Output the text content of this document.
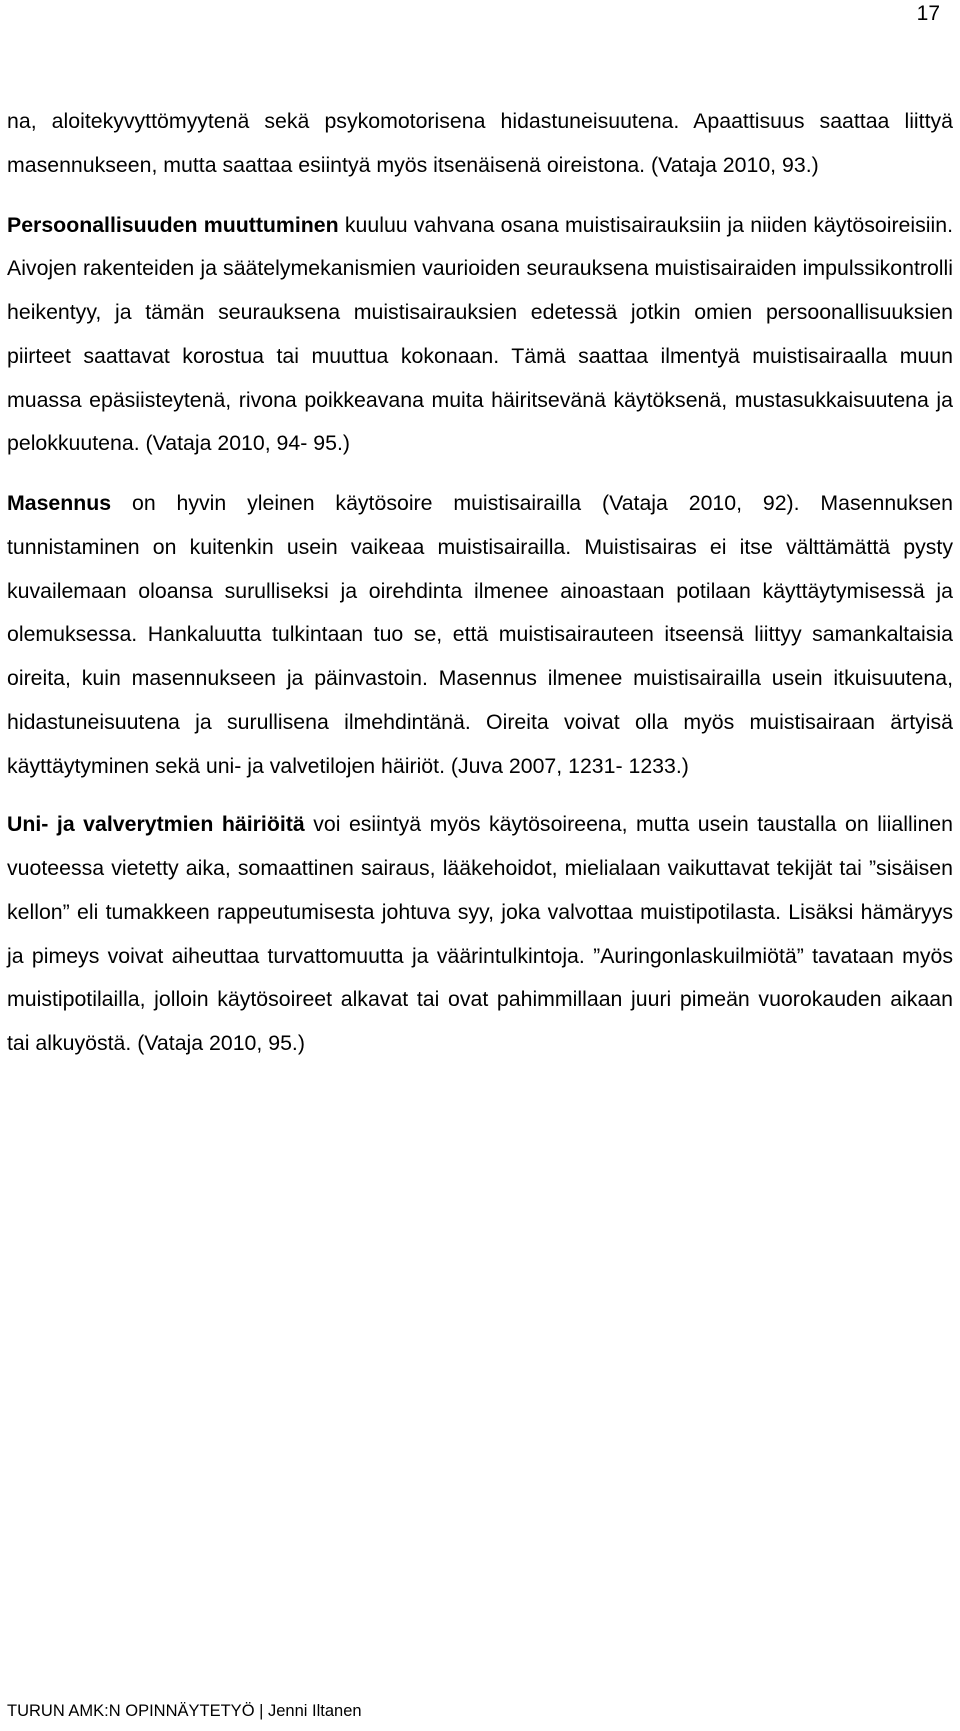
17

na, aloitekyvyttömyytenä sekä psykomotorisena hidastuneisuutena. Apaattisuus saattaa liittyä masennukseen, mutta saattaa esiintyä myös itsenäisenä oireistona. (Vataja 2010, 93.)

Persoonallisuuden muuttuminen kuuluu vahvana osana muistisairauksiin ja niiden käytösoireisiin. Aivojen rakenteiden ja säätelymekanismien vaurioiden seurauksena muistisairaiden impulssikontrolli heikentyy, ja tämän seurauksena muistisairauksien edetessä jotkin omien persoonallisuuksien piirteet saattavat korostua tai muuttua kokonaan. Tämä saattaa ilmentyä muistisairaalla muun muassa epäsiisteytenä, rivona poikkeavana muita häiritsevänä käytöksenä, mustasukkaisuutena ja pelokkuutena. (Vataja 2010, 94- 95.)

Masennus on hyvin yleinen käytösoire muistisairailla (Vataja 2010, 92). Masennuksen tunnistaminen on kuitenkin usein vaikeaa muistisairailla. Muistisairas ei itse välttämättä pysty kuvailemaan oloansa surulliseksi ja oirehdinta ilmenee ainoastaan potilaan käyttäytymisessä ja olemuksessa. Hankaluutta tulkintaan tuo se, että muistisairauteen itseensä liittyy samankaltaisia oireita, kuin masennukseen ja päinvastoin. Masennus ilmenee muistisairailla usein itkuisuutena, hidastuneisuutena ja surullisena ilmehdintänä. Oireita voivat olla myös muistisairaan ärtyisä käyttäytyminen sekä uni- ja valvetilojen häiriöt. (Juva 2007, 1231- 1233.)

Uni- ja valverytmien häiriöitä voi esiintyä myös käytösoireena, mutta usein taustalla on liiallinen vuoteessa vietetty aika, somaattinen sairaus, lääkehoidot, mielialaan vaikuttavat tekijät tai ”sisäisen kellon” eli tumakkeen rappeutumisesta johtuva syy, joka valvottaa muistipotilasta. Lisäksi hämäryys ja pimeys voivat aiheuttaa turvattomuutta ja väärintulkintoja. ”Auringonlaskuilmiötä” tavataan myös muistipotilailla, jolloin käytösoireet alkavat tai ovat pahimmillaan juuri pimeän vuorokauden aikaan tai alkuyöstä. (Vataja 2010, 95.)

TURUN AMK:N OPINNÄYTETYÖ | Jenni Iltanen
